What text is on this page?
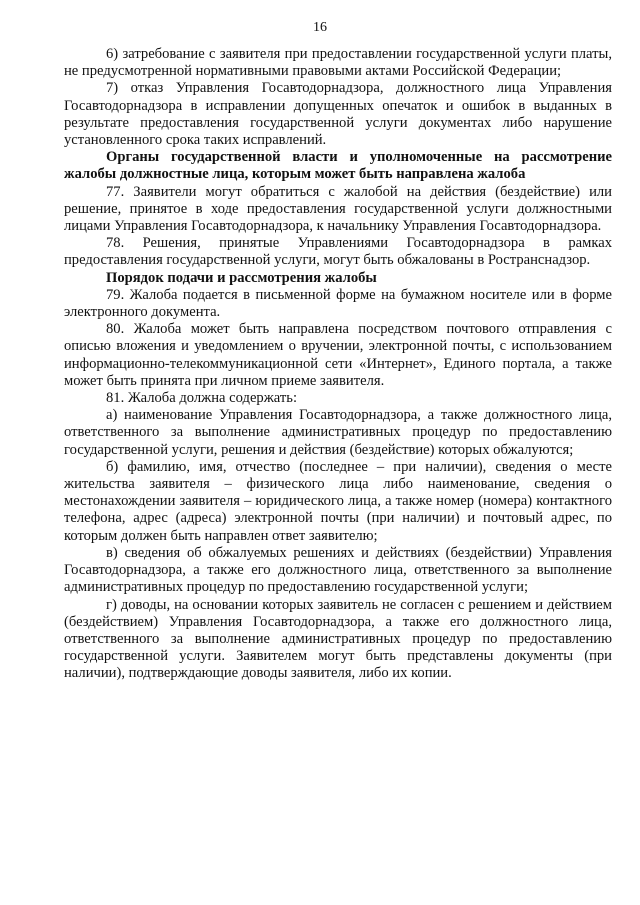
16

6) затребование с заявителя при предоставлении государственной услуги платы, не предусмотренной нормативными правовыми актами Российской Федерации;

7) отказ Управления Госавтодорнадзора, должностного лица Управления Госавтодорнадзора в исправлении допущенных опечаток и ошибок в выданных в результате предоставления государственной услуги документах либо нарушение установленного срока таких исправлений.

Органы государственной власти и уполномоченные на рассмотрение жалобы должностные лица, которым может быть направлена жалоба

77. Заявители могут обратиться с жалобой на действия (бездействие) или решение, принятое в ходе предоставления государственной услуги должностными лицами Управления Госавтодорнадзора, к начальнику Управления Госавтодорнадзора.

78. Решения, принятые Управлениями Госавтодорнадзора в рамках предоставления государственной услуги, могут быть обжалованы в Ространснадзор.

Порядок подачи и рассмотрения жалобы

79. Жалоба подается в письменной форме на бумажном носителе или в форме электронного документа.

80. Жалоба может быть направлена посредством почтового отправления с описью вложения и уведомлением о вручении, электронной почты, с использованием информационно-телекоммуникационной сети «Интернет», Единого портала, а также может быть принята при личном приеме заявителя.

81. Жалоба должна содержать:

а) наименование Управления Госавтодорнадзора, а также должностного лица, ответственного за выполнение административных процедур по предоставлению государственной услуги, решения и действия (бездействие) которых обжалуются;

б) фамилию, имя, отчество (последнее – при наличии), сведения о месте жительства заявителя – физического лица либо наименование, сведения о местонахождении заявителя – юридического лица, а также номер (номера) контактного телефона, адрес (адреса) электронной почты (при наличии) и почтовый адрес, по которым должен быть направлен ответ заявителю;

в) сведения об обжалуемых решениях и действиях (бездействии) Управления Госавтодорнадзора, а также его должностного лица, ответственного за выполнение административных процедур по предоставлению государственной услуги;

г) доводы, на основании которых заявитель не согласен с решением и действием (бездействием) Управления Госавтодорнадзора, а также его должностного лица, ответственного за выполнение административных процедур по предоставлению государственной услуги. Заявителем могут быть представлены документы (при наличии), подтверждающие доводы заявителя, либо их копии.
